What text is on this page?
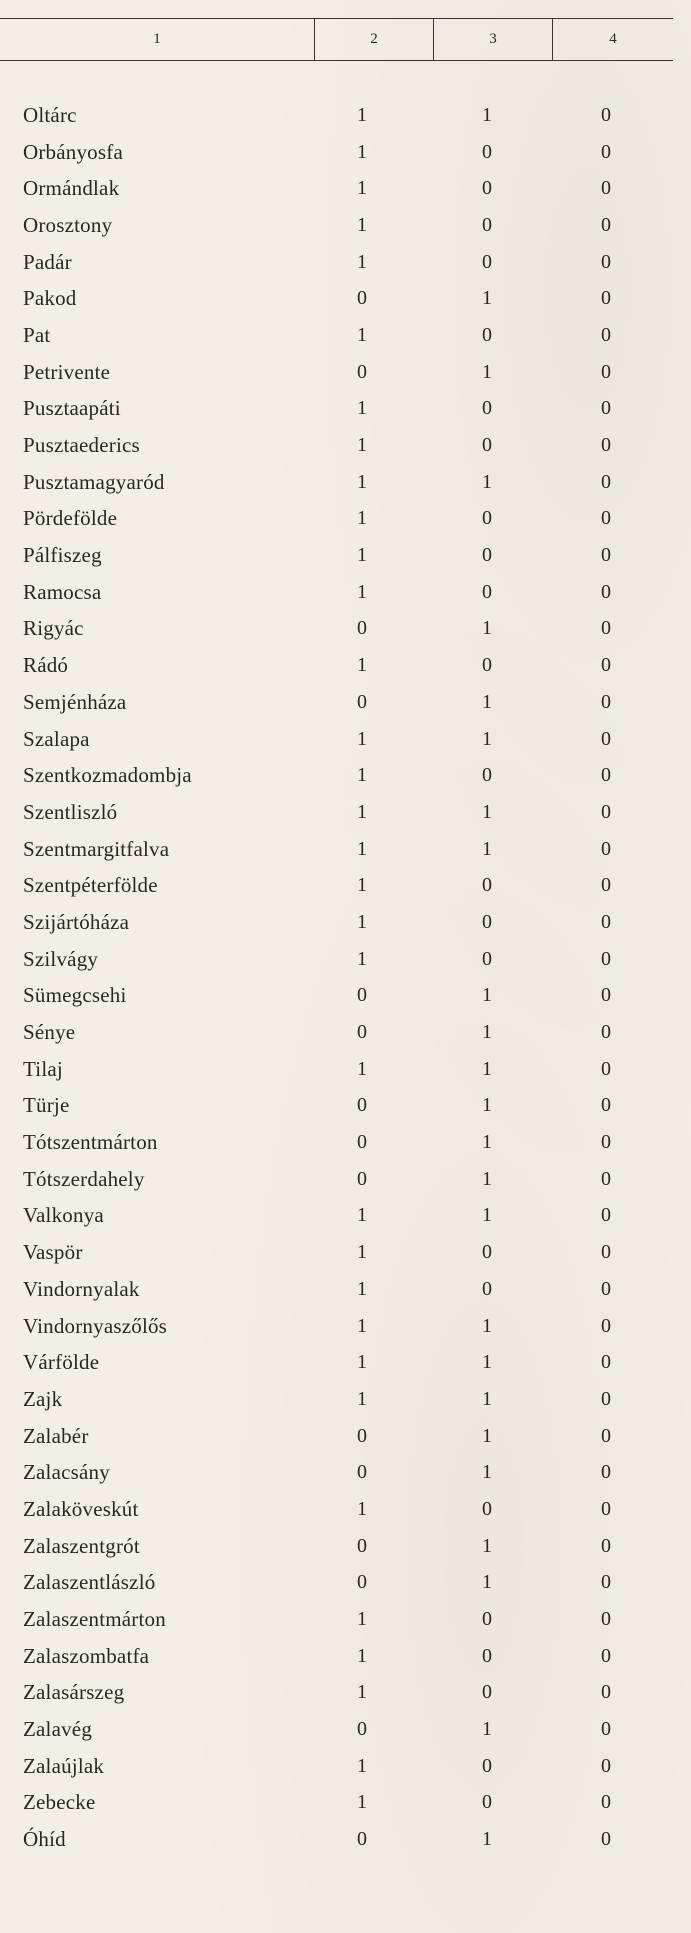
1	2	3	4
Oltárc	1	1	0
Orbányosfa	1	0	0
Ormándlak	1	0	0
Orosztony	1	0	0
Padár	1	0	0
Pakod	0	1	0
Pat	1	0	0
Petrivente	0	1	0
Pusztaapáti	1	0	0
Pusztaederics	1	0	0
Pusztamagyaród	1	1	0
Pördefölde	1	0	0
Pálfiszeg	1	0	0
Ramocsa	1	0	0
Rigyác	0	1	0
Rádó	1	0	0
Semjénháza	0	1	0
Szalapa	1	1	0
Szentkozmadombja	1	0	0
Szentliszló	1	1	0
Szentmargitfalva	1	1	0
Szentpéterfölde	1	0	0
Szijártóháza	1	0	0
Szilvágy	1	0	0
Sümegcsehi	0	1	0
Sénye	0	1	0
Tilaj	1	1	0
Türje	0	1	0
Tótszentmárton	0	1	0
Tótszerdahely	0	1	0
Valkonya	1	1	0
Vaspör	1	0	0
Vindornyalak	1	0	0
Vindornyaszőlős	1	1	0
Várfölde	1	1	0
Zajk	1	1	0
Zalabér	0	1	0
Zalacsány	0	1	0
Zalaköveskút	1	0	0
Zalaszentgrót	0	1	0
Zalaszentlászló	0	1	0
Zalaszentmárton	1	0	0
Zalaszombatfa	1	0	0
Zalasárszeg	1	0	0
Zalavég	0	1	0
Zalaújlak	1	0	0
Zebecke	1	0	0
Óhíd	0	1	0
